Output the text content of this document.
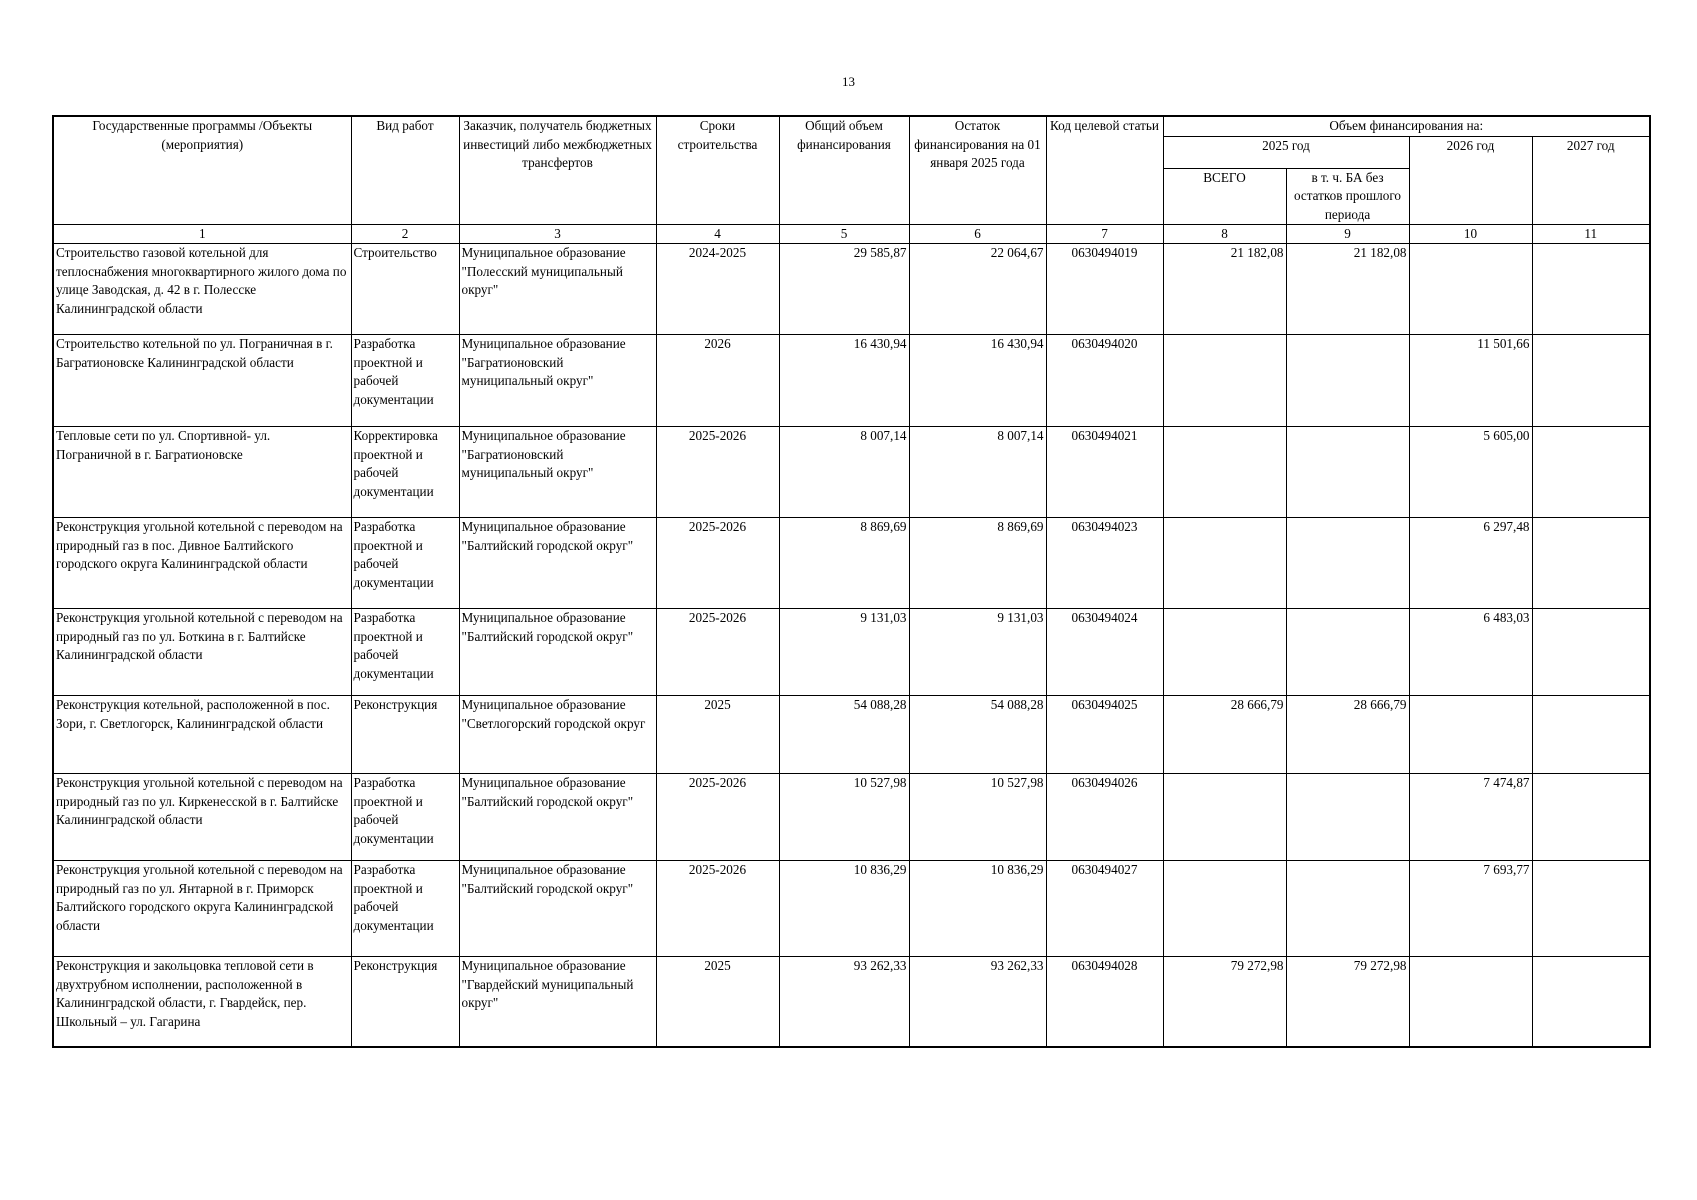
13
Государственные программы /Объекты (мероприятия)	Вид работ	Заказчик, получатель бюджетных инвестиций либо межбюджетных трансфертов	Сроки строительства	Общий объем финансирования	Остаток финансирования на 01 января 2025 года	Код целевой статьи	Объем финансирования на:			
							2025 год		2026 год	2027 год
							ВСЕГО	в т. ч. БА без остатков прошлого периода		
1	2	3	4	5	6	7	8	9	10	11
Строительство газовой котельной для теплоснабжения многоквартирного жилого дома по улице Заводская, д. 42 в г. Полесске Калининградской области	Строительство	Муниципальное образование "Полесский муниципальный округ"	2024-2025	29 585,87	22 064,67	0630494019	21 182,08	21 182,08		
Строительство котельной по ул. Пограничная в г. Багратионовске Калининградской области	Разработка проектной и рабочей документации	Муниципальное образование "Багратионовский муниципальный округ"	2026	16 430,94	16 430,94	0630494020			11 501,66	
Тепловые сети по ул. Спортивной- ул. Пограничной в г. Багратионовске	Корректировка проектной и рабочей документации	Муниципальное образование "Багратионовский муниципальный округ"	2025-2026	8 007,14	8 007,14	0630494021			5 605,00	
Реконструкция угольной котельной с переводом на природный газ в пос. Дивное Балтийского городского округа Калининградской области	Разработка проектной и рабочей документации	Муниципальное образование "Балтийский городской округ"	2025-2026	8 869,69	8 869,69	0630494023			6 297,48	
Реконструкция угольной котельной с переводом на природный газ по ул. Боткина в г. Балтийске Калининградской области	Разработка проектной и рабочей документации	Муниципальное образование "Балтийский городской округ"	2025-2026	9 131,03	9 131,03	0630494024			6 483,03	
Реконструкция котельной, расположенной в пос. Зори, г. Светлогорск, Калининградской области	Реконструкция	Муниципальное образование "Светлогорский городской округ	2025	54 088,28	54 088,28	0630494025	28 666,79	28 666,79		
Реконструкция угольной котельной с переводом на природный газ по ул. Киркенесской в г. Балтийске Калининградской области	Разработка проектной и рабочей документации	Муниципальное образование "Балтийский городской округ"	2025-2026	10 527,98	10 527,98	0630494026			7 474,87	
Реконструкция угольной котельной с переводом на природный газ по ул. Янтарной в г. Приморск Балтийского городского округа Калининградской области	Разработка проектной и рабочей документации	Муниципальное образование "Балтийский городской округ"	2025-2026	10 836,29	10 836,29	0630494027			7 693,77	
Реконструкция и закольцовка тепловой сети в двухтрубном исполнении, расположенной в Калининградской области, г. Гвардейск, пер. Школьный – ул. Гагарина	Реконструкция	Муниципальное образование "Гвардейский муниципальный округ"	2025	93 262,33	93 262,33	0630494028	79 272,98	79 272,98		
